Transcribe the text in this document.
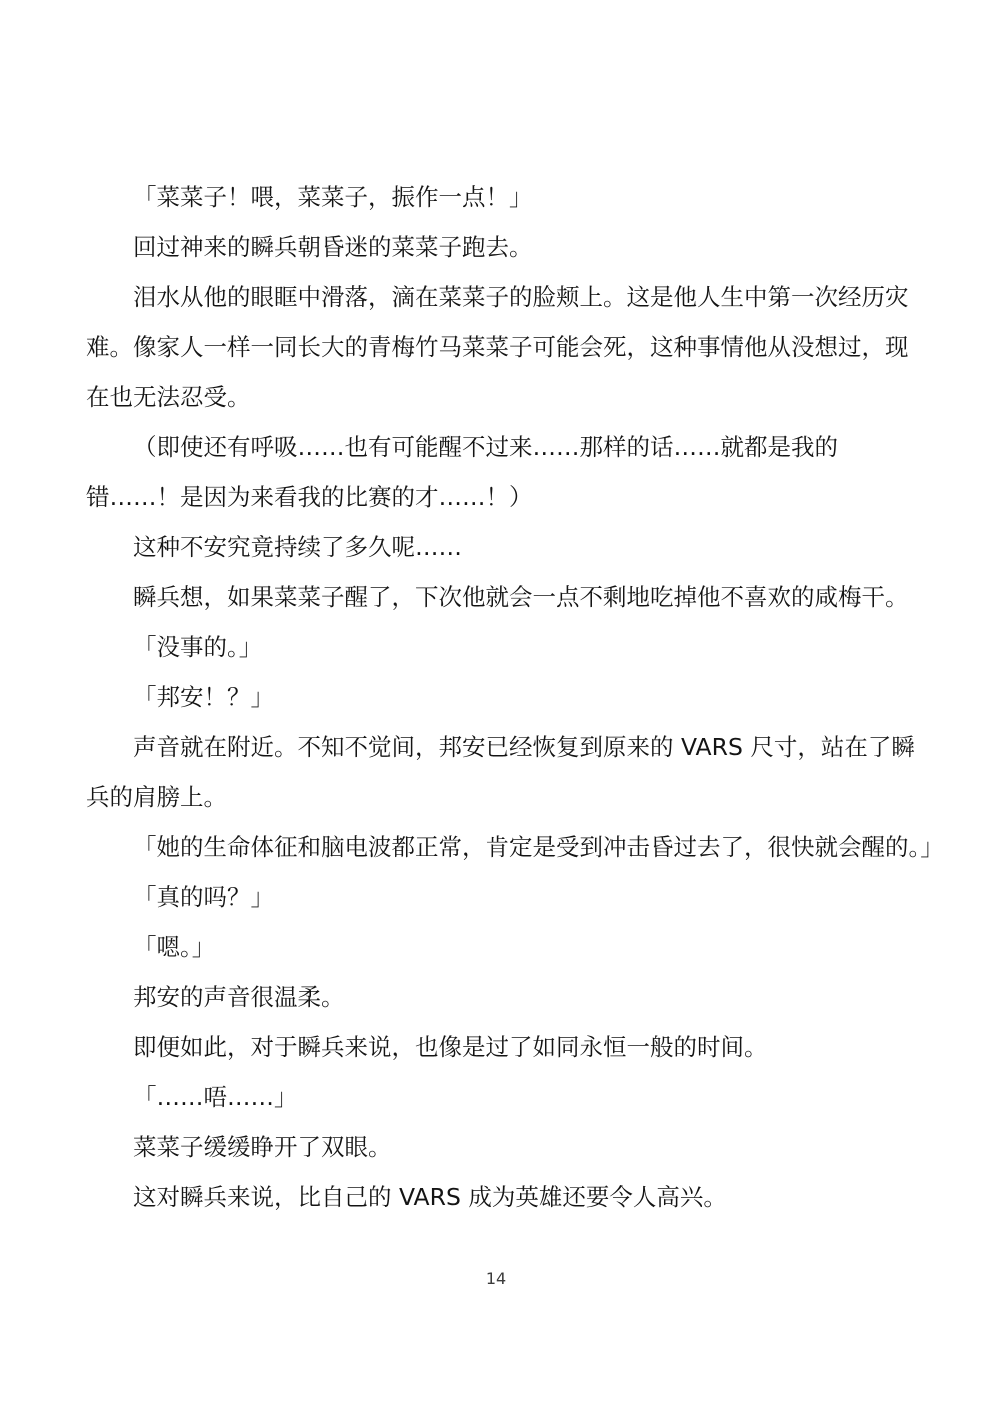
「菜菜子！喂，菜菜子，振作一点！」
回过神来的瞬兵朝昏迷的菜菜子跑去。
泪水从他的眼眶中滑落，滴在菜菜子的脸颊上。这是他人生中第一次经历灾
难。像家人一样一同长大的青梅竹马菜菜子可能会死，这种事情他从没想过，现
在也无法忍受。
（即使还有呼吸……也有可能醒不过来……那样的话……就都是我的
错……！是因为来看我的比赛的才……！）
这种不安究竟持续了多久呢……
瞬兵想，如果菜菜子醒了，下次他就会一点不剩地吃掉他不喜欢的咸梅干。
「没事的。」
「邦安！？」
声音就在附近。不知不觉间，邦安已经恢复到原来的 VARS 尺寸，站在了瞬
兵的肩膀上。
「她的生命体征和脑电波都正常，肯定是受到冲击昏过去了，很快就会醒的。」
「真的吗？」
「嗯。」
邦安的声音很温柔。
即便如此，对于瞬兵来说，也像是过了如同永恒一般的时间。
「……唔……」
菜菜子缓缓睁开了双眼。
这对瞬兵来说，比自己的 VARS 成为英雄还要令人高兴。
14
